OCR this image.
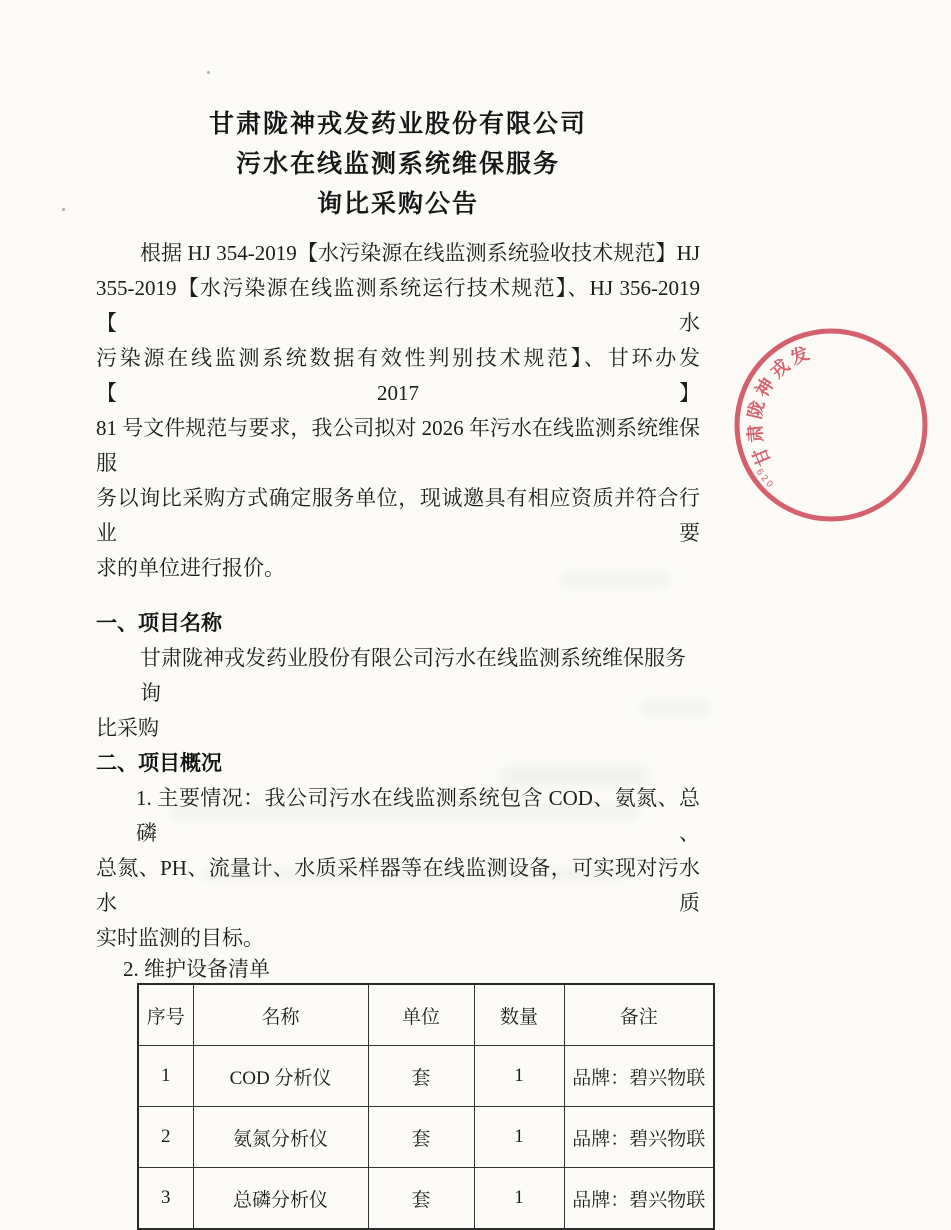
甘肃陇神戎发药业股份有限公司
污水在线监测系统维保服务
询比采购公告
根据 HJ 354-2019【水污染源在线监测系统验收技术规范】HJ
355-2019【水污染源在线监测系统运行技术规范】、HJ 356-2019【水
污染源在线监测系统数据有效性判别技术规范】、甘环办发【2017】
81 号文件规范与要求，我公司拟对 2026 年污水在线监测系统维保服
务以询比采购方式确定服务单位，现诚邀具有相应资质并符合行业要
求的单位进行报价。
一、项目名称
甘肃陇神戎发药业股份有限公司污水在线监测系统维保服务询
比采购
二、项目概况
1. 主要情况：我公司污水在线监测系统包含 COD、氨氮、总磷、
总氮、PH、流量计、水质采样器等在线监测设备，可实现对污水水质
实时监测的目标。
2. 维护设备清单
序号	名称	单位	数量	备注
1	COD 分析仪	套	1	品牌：碧兴物联
2	氨氮分析仪	套	1	品牌：碧兴物联
3	总磷分析仪	套	1	品牌：碧兴物联
甘肃陇神戎发
620
